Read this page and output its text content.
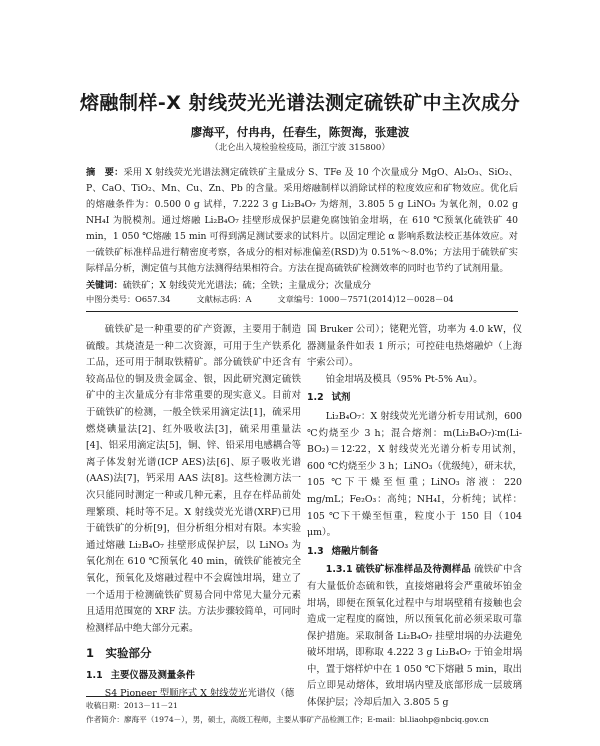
熔融制样-X 射线荧光光谱法测定硫铁矿中主次成分
廖海平，付冉冉，任春生，陈贺海，张建波
（北仑出入境检验检疫局，浙江宁波 315800）
摘　要：采用 X 射线荧光光谱法测定硫铁矿主量成分 S、TFe 及 10 个次量成分 MgO、Al₂O₃、SiO₂、P、CaO、TiO₂、Mn、Cu、Zn、Pb 的含量。采用熔融制样以消除试样的粒度效应和矿物效应。优化后的熔融条件为：0.500 0 g 试样，7.222 3 g Li₂B₄O₇ 为熔剂，3.805 5 g LiNO₃ 为氧化剂，0.02 g NH₄I 为脱模剂。通过熔融 Li₂B₄O₇ 挂壁形成保护层避免腐蚀铂金坩埚，在 610 ℃预氧化硫铁矿 40 min，1 050 ℃熔融 15 min 可得到满足测试要求的试料片。以固定理论 α 影响系数法校正基体效应。对一硫铁矿标准样品进行精密度考察，各成分的相对标准偏差(RSD)为 0.51%～8.0%；方法用于硫铁矿实际样品分析，测定值与其他方法测得结果相符合。方法在提高硫铁矿检测效率的同时也节约了试剂用量。
关键词：硫铁矿；X 射线荧光光谱法；硫；全铁；主量成分；次量成分
中图分类号：O657.34	文献标志码：A	文章编号：1000－7571(2014)12－0028－04

硫铁矿是一种重要的矿产资源，主要用于制造硫酸。其烧渣是一种二次资源，可用于生产铁系化工品，还可用于制取铁精矿。部分硫铁矿中还含有较高品位的铜及贵金属金、银，因此研究测定硫铁矿中的主次量成分有非常重要的现实意义。目前对于硫铁矿的检测，一般全铁采用滴定法[1]，硫采用燃烧碘量法[2]、红外吸收法[3]，硫采用重量法[4]、铝采用滴定法[5]，铜、锌、铅采用电感耦合等离子体发射光谱(ICP AES)法[6]、原子吸收光谱(AAS)法[7]，钙采用 AAS 法[8]。这些检测方法一次只能同时测定一种或几种元素，且存在样品前处理繁琐、耗时等不足。X 射线荧光光谱(XRF)已用于硫铁矿的分析[9]，但分析组分相对有限。本实验通过熔融 Li₂B₄O₇ 挂壁形成保护层，以 LiNO₃ 为氧化剂在 610 ℃预氧化 40 min，硫铁矿能被完全氧化，预氧化及熔融过程中不会腐蚀坩埚，建立了一个适用于检测硫铁矿贸易合同中常见大量分元素且适用范围宽的 XRF 法。方法步骤较简单，可同时检测样品中绝大部分元素。

1　实验部分
1.1 主要仪器及测量条件

S4 Pioneer 型顺序式 X 射线荧光光谱仪（德

国 Bruker 公司）；铑靶光管，功率为 4.0 kW，仪器测量条件如表 1 所示；可控硅电热熔融炉（上海宇索公司）。

铂金坩埚及模具（95% Pt-5% Au）。

1.2 试剂

Li₂B₄O₇：X 射线荧光光谱分析专用试剂，600 ℃灼烧至少 3 h；混合熔剂：m(Li₂B₄O₇)∶m(Li-BO₂)＝12∶22，X 射线荧光光谱分析专用试剂，600 ℃灼烧至少 3 h；LiNO₃（优级纯），研末状，105 ℃下干燥至恒重；LiNO₃ 溶液：220 mg/mL；Fe₂O₃：高纯；NH₄I，分析纯；试样：105 ℃下干燥至恒重，粒度小于 150 目（104 μm）。

1.3 熔融片制备

1.3.1 硫铁矿标准样品及待测样品 硫铁矿中含有大量低价态硫和铁，直接熔融将会严重破坏铂金坩埚，即便在预氧化过程中与坩埚壁稍有接触也会造成一定程度的腐蚀，所以预氧化前必须采取可靠保护措施。采取制备 Li₂B₄O₇ 挂壁坩埚的办法避免破坏坩埚，即称取 4.222 3 g Li₂B₄O₇ 于铂金坩埚中，置于熔样炉中在 1 050 ℃下熔融 5 min，取出后立即晃动熔体，致坩埚内壁及底部形成一层玻璃体保护层；冷却后加入 3.805 5 g

收稿日期：2013－11－21
作者简介：廖海平（1974－），男，硕士，高级工程师，主要从事矿产品检测工作；E-mail：bl.liaohp@nbciq.gov.cn
